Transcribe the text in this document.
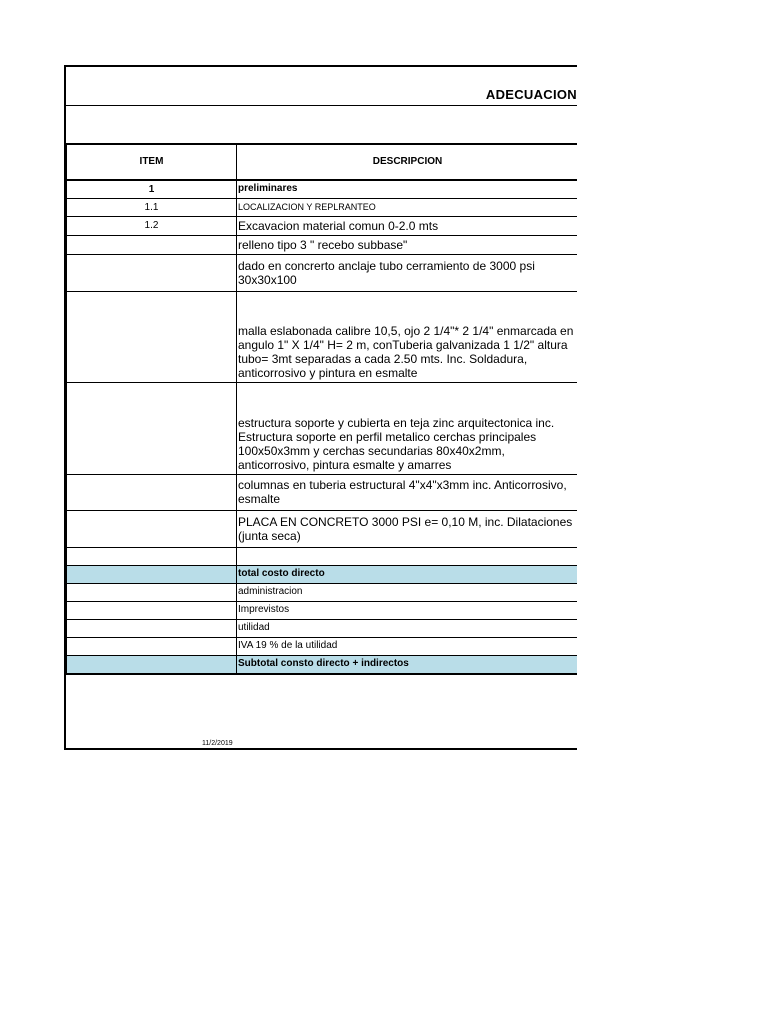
ADECUACION
ITEM	DESCRIPCION
1	preliminares
1.1	LOCALIZACION Y REPLRANTEO
1.2	Excavacion material comun 0-2.0 mts
	relleno tipo 3 " recebo subbase"
	dado en concrerto anclaje tubo cerramiento de 3000 psi 30x30x100
	malla eslabonada calibre 10,5, ojo 2 1/4"* 2 1/4" enmarcada en angulo 1" X 1/4" H= 2 m, conTuberia galvanizada 1 1/2" altura tubo= 3mt separadas a cada 2.50 mts. Inc. Soldadura, anticorrosivo y pintura en esmalte
	estructura soporte y cubierta en teja zinc arquitectonica inc. Estructura soporte en perfil metalico cerchas principales 100x50x3mm y cerchas secundarias 80x40x2mm, anticorrosivo, pintura esmalte y amarres
	columnas en tuberia estructural 4"x4"x3mm inc. Anticorrosivo, esmalte
	PLACA EN CONCRETO 3000 PSI e= 0,10 M, inc. Dilataciones (junta seca)

	total costo directo
	administracion
	Imprevistos
	utilidad
	IVA 19 % de la utilidad
	Subtotal consto directo + indirectos
11/2/2019
